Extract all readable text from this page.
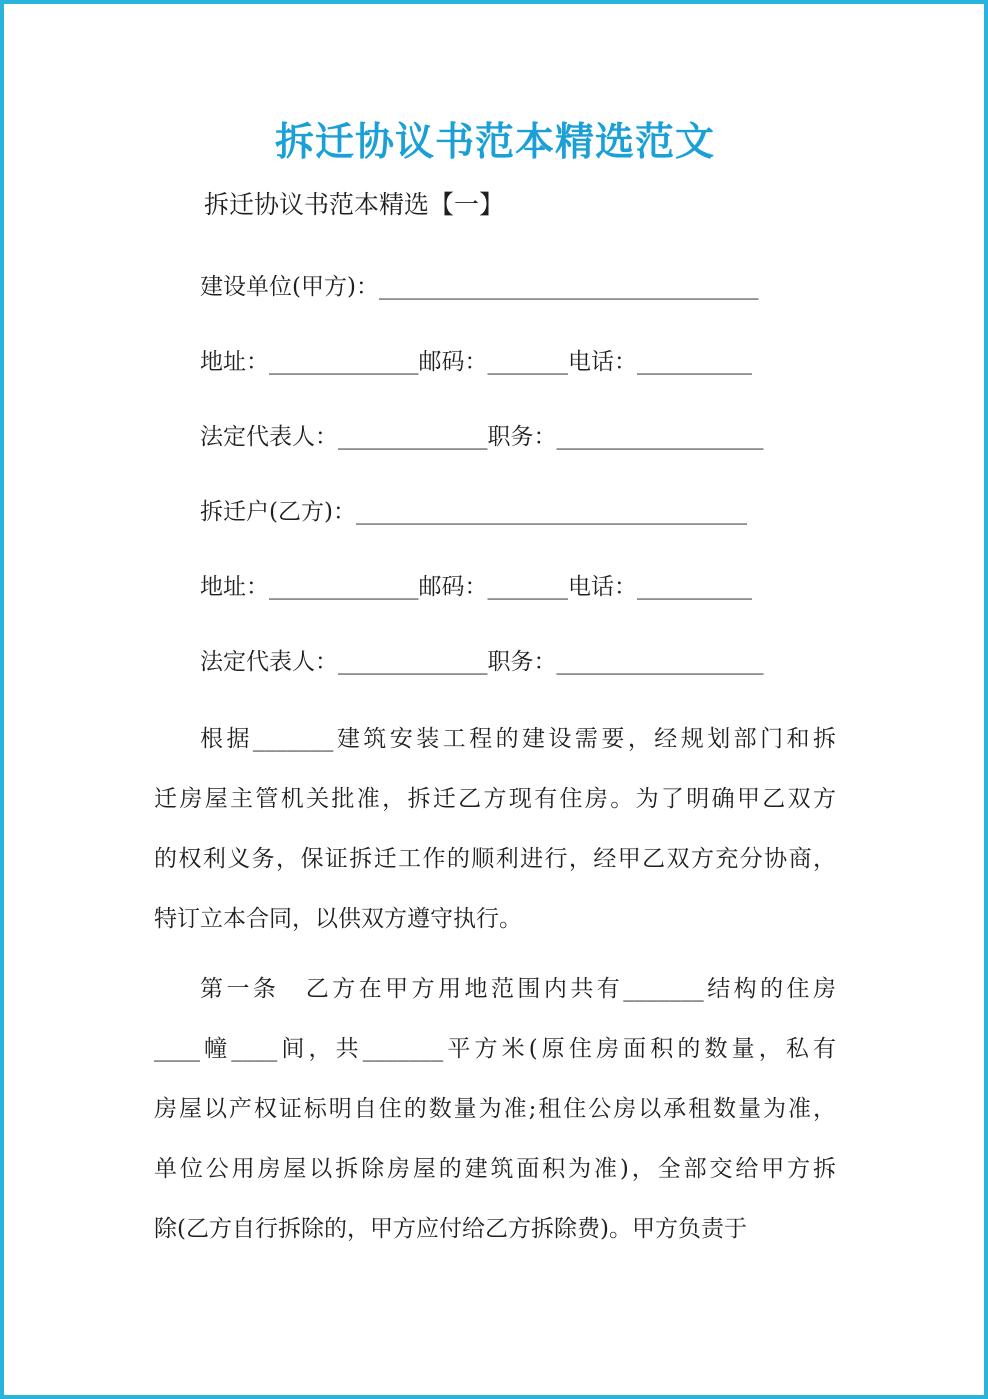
拆迁协议书范本精选范文
拆迁协议书范本精选【一】
建设单位(甲方)：_________________________________
地址：_____________邮码：_______电话：__________
法定代表人：_____________职务：__________________
拆迁户(乙方)：__________________________________
地址：_____________邮码：_______电话：__________
法定代表人：_____________职务：__________________
根据_______建筑安装工程的建设需要，经规划部门和拆
迁房屋主管机关批准，拆迁乙方现有住房。为了明确甲乙双方
的权利义务，保证拆迁工作的顺利进行，经甲乙双方充分协商，
特订立本合同，以供双方遵守执行。
第一条　乙方在甲方用地范围内共有_______结构的住房
____幢____间，共_______平方米(原住房面积的数量，私有
房屋以产权证标明自住的数量为准;租住公房以承租数量为准，
单位公用房屋以拆除房屋的建筑面积为准)，全部交给甲方拆
除(乙方自行拆除的，甲方应付给乙方拆除费)。甲方负责于
